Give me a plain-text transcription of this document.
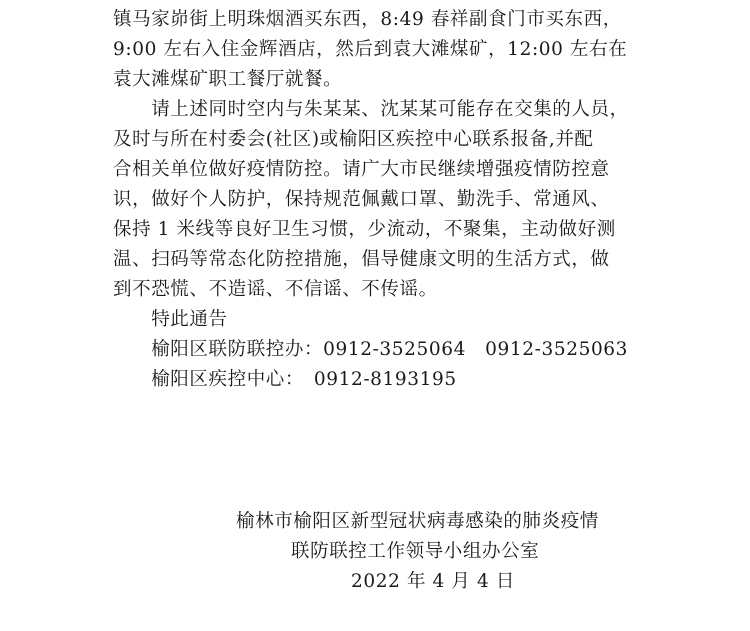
镇马家峁街上明珠烟酒买东西，8:49 春祥副食门市买东西，
9:00 左右入住金辉酒店，然后到袁大滩煤矿，12:00 左右在
袁大滩煤矿职工餐厅就餐。
　　请上述同时空内与朱某某、沈某某可能存在交集的人员，
及时与所在村委会(社区)或榆阳区疾控中心联系报备,并配
合相关单位做好疫情防控。请广大市民继续增强疫情防控意
识，做好个人防护，保持规范佩戴口罩、勤洗手、常通风、
保持 1 米线等良好卫生习惯，少流动，不聚集，主动做好测
温、扫码等常态化防控措施，倡导健康文明的生活方式，做
到不恐慌、不造谣、不信谣、不传谣。
　　特此通告
　　榆阳区联防联控办：0912-3525064　0912-3525063
　　榆阳区疾控中心：　0912-8193195
榆林市榆阳区新型冠状病毒感染的肺炎疫情
联防联控工作领导小组办公室
2022 年 4 月 4 日
